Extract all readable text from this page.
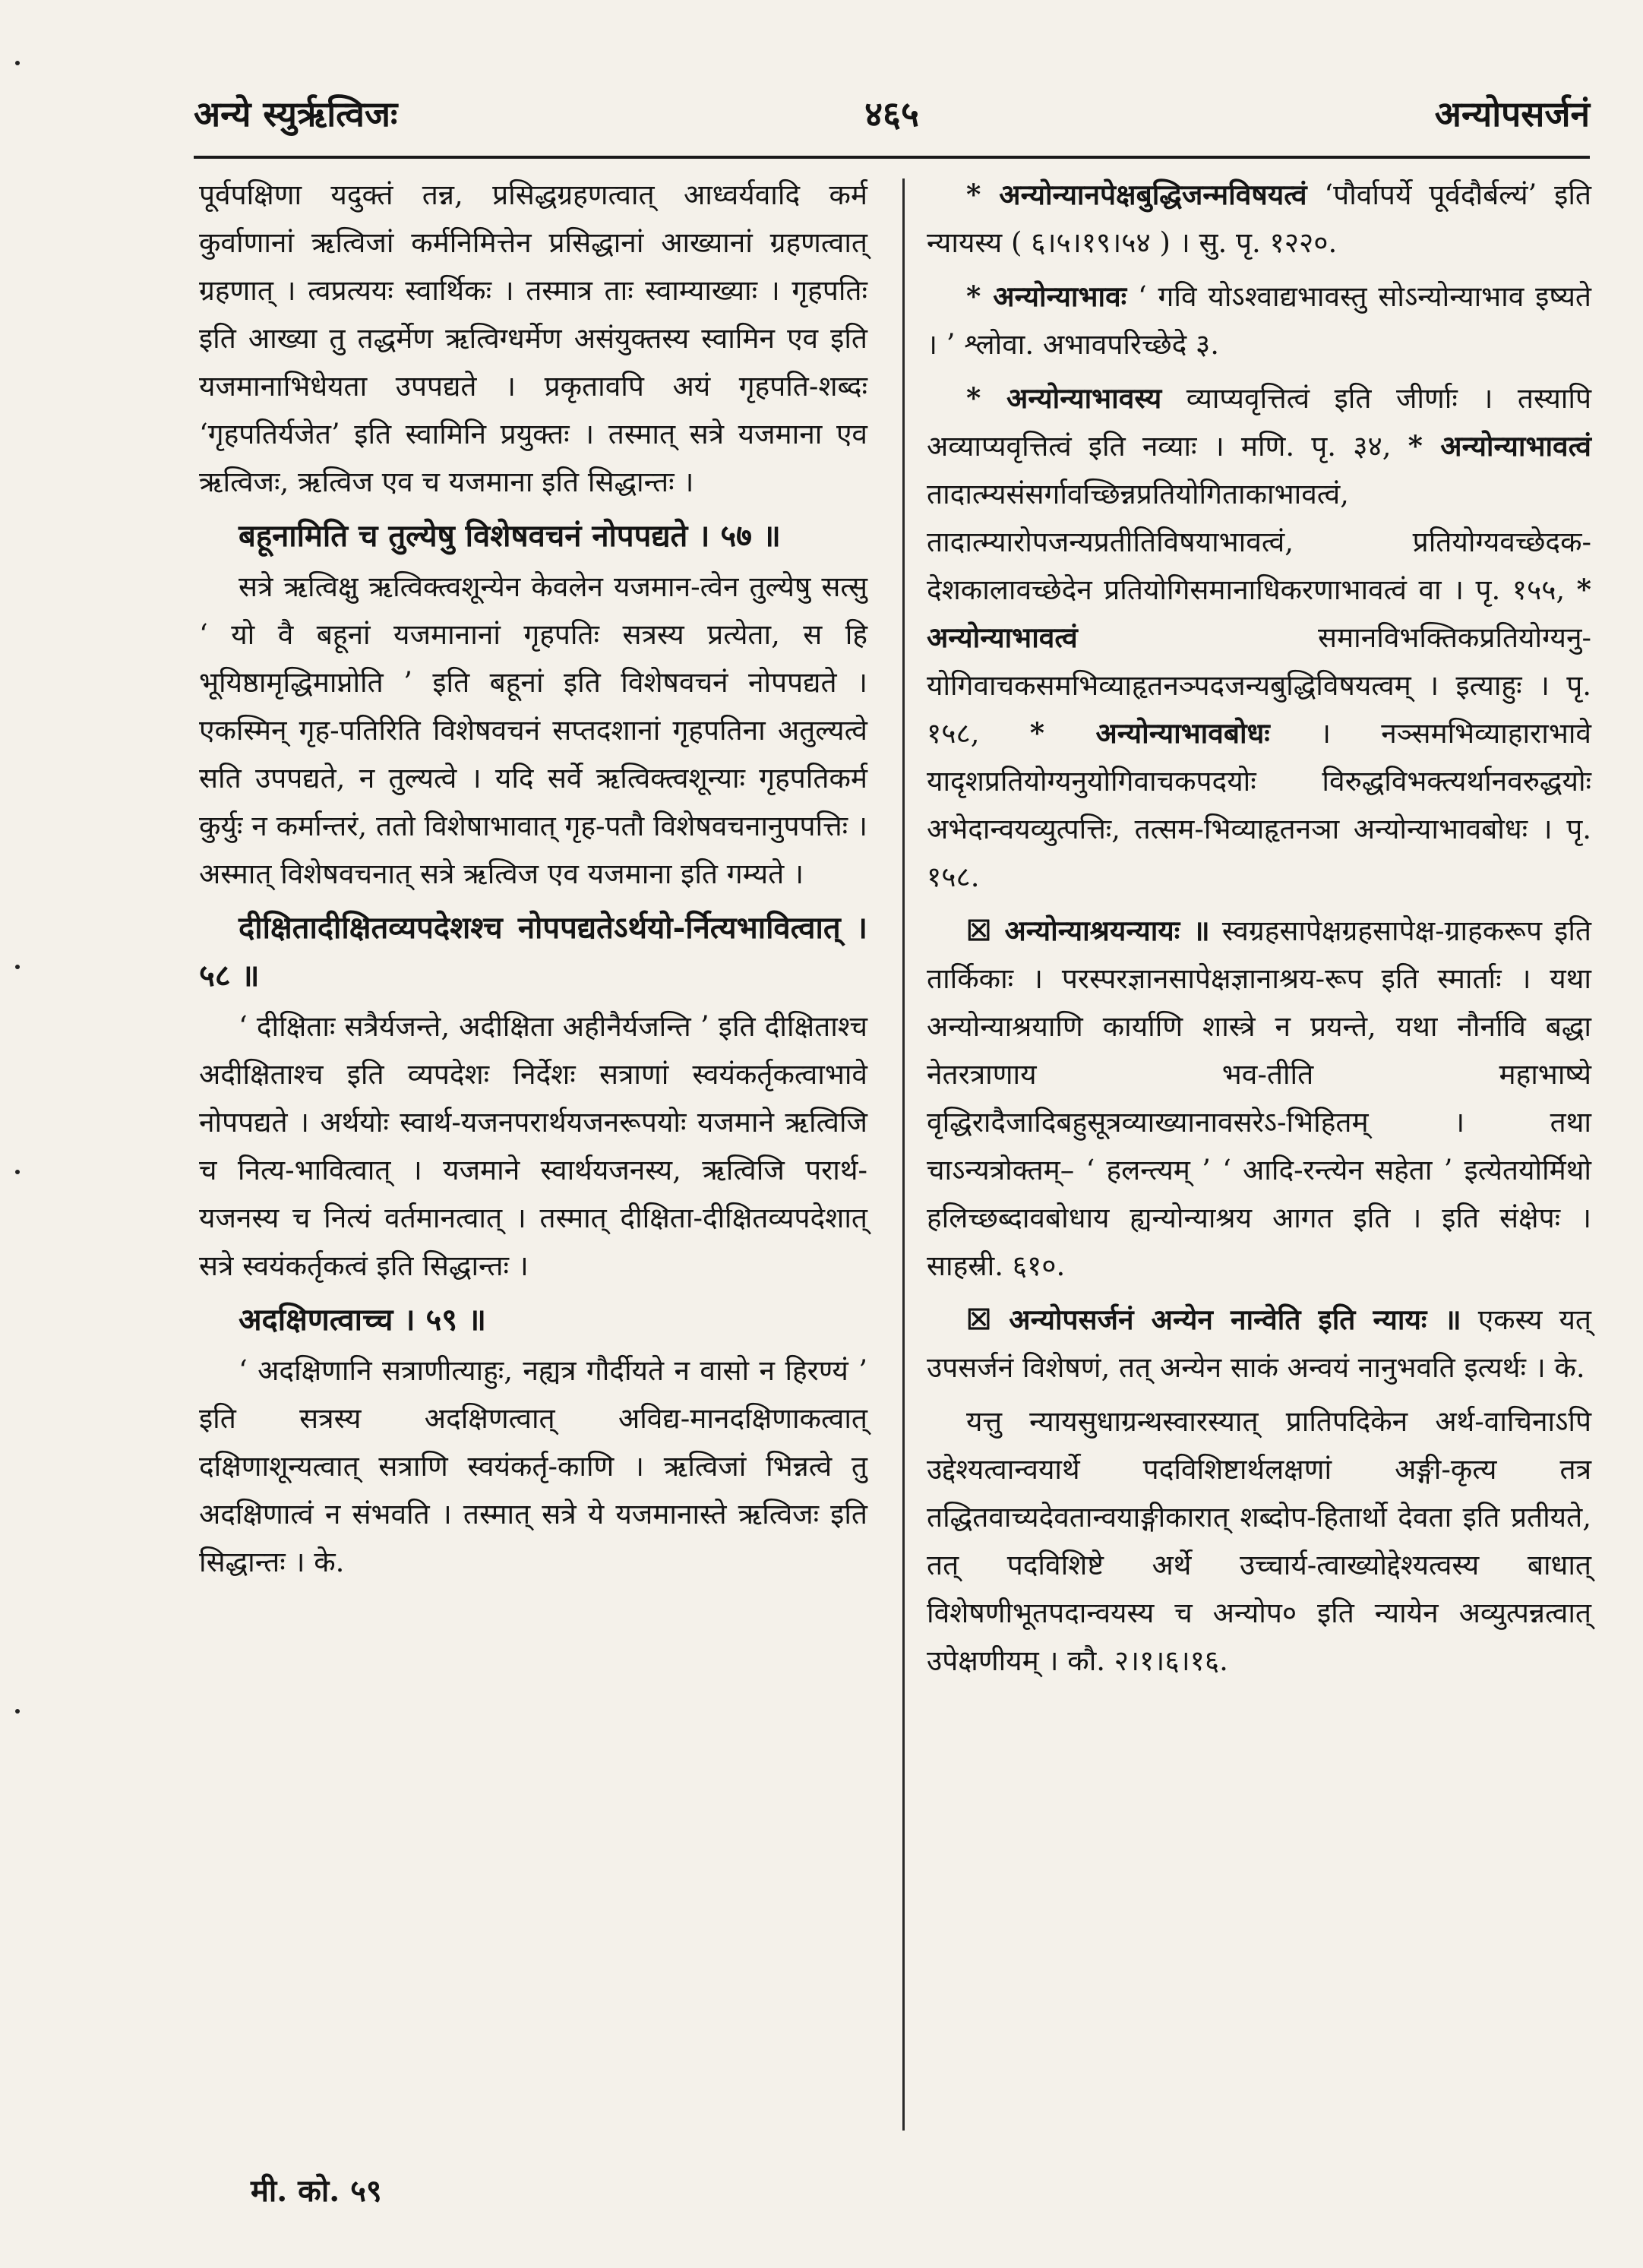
४६५
अन्ये स्युर्ऋत्विजः	अन्योपसर्जनं

पूर्वपक्षिणा यदुक्तं तन्न, प्रसिद्धग्रहणत्वात् आध्वर्यवादि कर्म कुर्वाणानां ऋत्विजां कर्मनिमित्तेन प्रसिद्धानां आख्यानां ग्रहणत्वात् ग्रहणात् । त्वप्रत्ययः स्वार्थिकः । तस्मात्र ताः स्वाम्याख्याः । गृहपतिः इति आख्या तु तद्धर्मेण ऋत्विग्धर्मेण असंयुक्तस्य स्वामिन एव इति यजमानाभिधेयता उपपद्यते । प्रकृतावपि अयं गृहपति-शब्दः ‘गृहपतिर्यजेत’ इति स्वामिनि प्रयुक्तः । तस्मात् सत्रे यजमाना एव ऋत्विजः, ऋत्विज एव च यजमाना इति सिद्धान्तः ।

बहूनामिति च तुल्येषु विशेषवचनं नोपपद्यते । ५७ ॥

सत्रे ऋत्विक्षु ऋत्विक्त्वशून्येन केवलेन यजमान-त्वेन तुल्येषु सत्सु ‘ यो वै बहूनां यजमानानां गृहपतिः सत्रस्य प्रत्येता, स हि भूयिष्ठामृद्धिमाप्नोति ’ इति बहूनां इति विशेषवचनं नोपपद्यते । एकस्मिन् गृह-पतिरिति विशेषवचनं सप्तदशानां गृहपतिना अतुल्यत्वे सति उपपद्यते, न तुल्यत्वे । यदि सर्वे ऋत्विक्त्वशून्याः गृहपतिकर्म कुर्युः न कर्मान्तरं, ततो विशेषाभावात् गृह-पतौ विशेषवचनानुपपत्तिः । अस्मात् विशेषवचनात् सत्रे ऋत्विज एव यजमाना इति गम्यते ।

दीक्षितादीक्षितव्यपदेशश्च नोपपद्यतेऽर्थयो-र्नित्यभावित्वात् । ५८ ॥

‘ दीक्षिताः सत्रैर्यजन्ते, अदीक्षिता अहीनैर्यजन्ति ’ इति दीक्षिताश्च अदीक्षिताश्च इति व्यपदेशः निर्देशः सत्राणां स्वयंकर्तृकत्वाभावे नोपपद्यते । अर्थयोः स्वार्थ-यजनपरार्थयजनरूपयोः यजमाने ऋत्विजि च नित्य-भावित्वात् । यजमाने स्वार्थयजनस्य, ऋत्विजि परार्थ-यजनस्य च नित्यं वर्तमानत्वात् । तस्मात् दीक्षिता-दीक्षितव्यपदेशात् सत्रे स्वयंकर्तृकत्वं इति सिद्धान्तः ।

अदक्षिणत्वाच्च । ५९ ॥

‘ अदक्षिणानि सत्राणीत्याहुः, नह्यत्र गौर्दीयते न वासो न हिरण्यं ’ इति सत्रस्य अदक्षिणत्वात् अविद्य-मानदक्षिणाकत्वात् दक्षिणाशून्यत्वात् सत्राणि स्वयंकर्तृ-काणि । ऋत्विजां भिन्नत्वे तु अदक्षिणात्वं न संभवति । तस्मात् सत्रे ये यजमानास्ते ऋत्विजः इति सिद्धान्तः । के.

* अन्योन्यानपेक्षबुद्धिजन्मविषयत्वं ‘पौर्वापर्ये पूर्वदौर्बल्यं’ इति न्यायस्य ( ६।५।१९।५४ ) । सु. पृ. १२२०.

* अन्योन्याभावः ‘ गवि योऽश्वाद्यभावस्तु सोऽन्योन्याभाव इष्यते । ’ श्लोवा. अभावपरिच्छेदे ३.

* अन्योन्याभावस्य व्याप्यवृत्तित्वं इति जीर्णाः । तस्यापि अव्याप्यवृत्तित्वं इति नव्याः । मणि. पृ. ३४, * अन्योन्याभावत्वं तादात्म्यसंसर्गावच्छिन्नप्रतियोगिताकाभावत्वं, तादात्म्यारोपजन्यप्रतीतिविषयाभावत्वं, प्रतियोग्यवच्छेदक-देशकालावच्छेदेन प्रतियोगिसमानाधिकरणाभावत्वं वा । पृ. १५५, * अन्योन्याभावत्वं	समानविभक्तिकप्रतियोग्यनु-योगिवाचकसमभिव्याहृतनञ्पदजन्यबुद्धिविषयत्वम् । इत्याहुः । पृ. १५८, * अन्योन्याभावबोधः । नञ्समभिव्याहाराभावे यादृशप्रतियोग्यनुयोगिवाचकपदयोः विरुद्धविभक्त्यर्थानवरुद्धयोः अभेदान्वयव्युत्पत्तिः, तत्सम-भिव्याहृतनञा अन्योन्याभावबोधः । पृ. १५८.

☒ अन्योन्याश्रयन्यायः ॥ स्वग्रहसापेक्षग्रहसापेक्ष-ग्राहकरूप इति तार्किकाः । परस्परज्ञानसापेक्षज्ञानाश्रय-रूप इति स्मार्ताः । यथा अन्योन्याश्रयाणि कार्याणि शास्त्रे न प्रयन्ते, यथा नौर्नावि बद्धा नेतरत्राणाय भव-तीति महाभाष्ये वृद्धिरादैजादिबहुसूत्रव्याख्यानावसरेऽ-भिहितम् । तथा चाऽन्यत्रोक्तम्– ‘ हलन्त्यम् ’ ‘ आदि-रन्त्येन सहेता ’ इत्येतयोर्मिथो हलिच्छब्दावबोधाय ह्यन्योन्याश्रय आगत इति । इति संक्षेपः । साहस्री. ६१०.

☒ अन्योपसर्जनं अन्येन नान्वेति इति न्यायः ॥ एकस्य यत् उपसर्जनं विशेषणं, तत् अन्येन साकं अन्वयं नानुभवति इत्यर्थः । के.

यत्तु न्यायसुधाग्रन्थस्वारस्यात् प्रातिपदिकेन अर्थ-वाचिनाऽपि उद्देश्यत्वान्वयार्थे पदविशिष्टार्थलक्षणां अङ्गी-कृत्य तत्र तद्धितवाच्यदेवतान्वयाङ्गीकारात् शब्दोप-हितार्थो देवता इति प्रतीयते, तत् पदविशिष्टे अर्थे उच्चार्य-त्वाख्योद्देश्यत्वस्य बाधात् विशेषणीभूतपदान्वयस्य च अन्योप० इति न्यायेन अव्युत्पन्नत्वात् उपेक्षणीयम् । कौ. २।१।६।१६.

मी. को. ५९
